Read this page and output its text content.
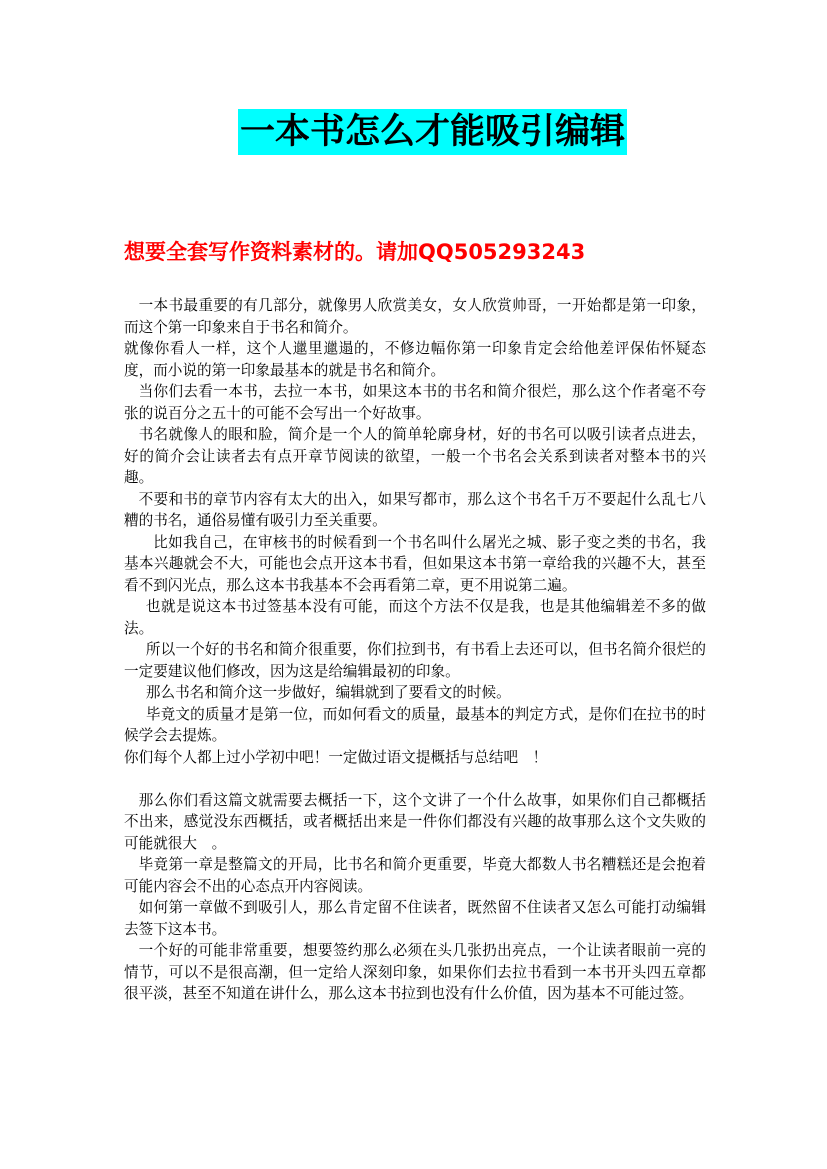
一本书怎么才能吸引编辑
想要全套写作资料素材的。请加QQ505293243

一本书最重要的有几部分，就像男人欣赏美女，女人欣赏帅哥，一开始都是第一印象，而这个第一印象来自于书名和简介。

就像你看人一样，这个人邋里邋遢的，不修边幅你第一印象肯定会给他差评保佑怀疑态度，而小说的第一印象最基本的就是书名和简介。

当你们去看一本书，去拉一本书，如果这本书的书名和简介很烂，那么这个作者毫不夸张的说百分之五十的可能不会写出一个好故事。

书名就像人的眼和脸，简介是一个人的简单轮廓身材，好的书名可以吸引读者点进去，好的简介会让读者去有点开章节阅读的欲望，一般一个书名会关系到读者对整本书的兴趣。

不要和书的章节内容有太大的出入，如果写都市，那么这个书名千万不要起什么乱七八糟的书名，通俗易懂有吸引力至关重要。

比如我自己，在审核书的时候看到一个书名叫什么屠光之城、影子变之类的书名，我基本兴趣就会不大，可能也会点开这本书看，但如果这本书第一章给我的兴趣不大，甚至看不到闪光点，那么这本书我基本不会再看第二章，更不用说第二遍。

也就是说这本书过签基本没有可能，而这个方法不仅是我，也是其他编辑差不多的做法。

所以一个好的书名和简介很重要，你们拉到书，有书看上去还可以，但书名简介很烂的一定要建议他们修改，因为这是给编辑最初的印象。

那么书名和简介这一步做好，编辑就到了要看文的时候。

毕竟文的质量才是第一位，而如何看文的质量，最基本的判定方式，是你们在拉书的时候学会去提炼。

你们每个人都上过小学初中吧！一定做过语文提概括与总结吧　！

那么你们看这篇文就需要去概括一下，这个文讲了一个什么故事，如果你们自己都概括不出来，感觉没东西概括，或者概括出来是一件你们都没有兴趣的故事那么这个文失败的可能就很大　。

毕竟第一章是整篇文的开局，比书名和简介更重要，毕竟大都数人书名糟糕还是会抱着可能内容会不出的心态点开内容阅读。

如何第一章做不到吸引人，那么肯定留不住读者，既然留不住读者又怎么可能打动编辑去签下这本书。

一个好的可能非常重要，想要签约那么必须在头几张扔出亮点，一个让读者眼前一亮的情节，可以不是很高潮，但一定给人深刻印象，如果你们去拉书看到一本书开头四五章都很平淡，甚至不知道在讲什么，那么这本书拉到也没有什么价值，因为基本不可能过签。
